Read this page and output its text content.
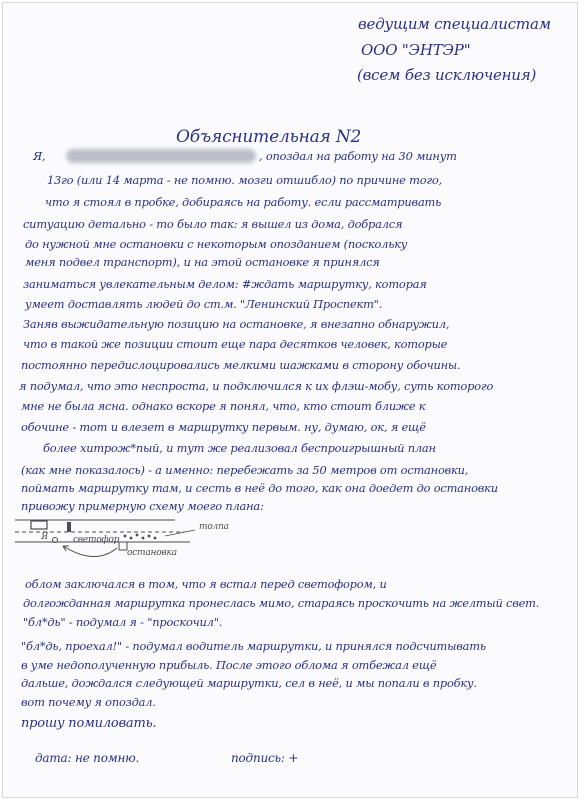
ведущим специалистам
ООО "ЭНТЭР"
(всем без исключения)
Объяснительная N2
Я,	, опоздал на работу на 30 минут
13го (или 14 марта - не помню. мозги отшибло) по причине того,
что я стоял в пробке, добираясь на работу. если рассматривать
ситуацию детально - то было так: я вышел из дома, добрался
до нужной мне остановки с некоторым опозданием (поскольку
меня подвел транспорт), и на этой остановке я принялся
заниматься увлекательным делом: #ждать маршрутку, которая
умеет доставлять людей до ст.м. "Ленинский Проспект".
Заняв выжидательную позицию на остановке, я внезапно обнаружил,
что в такой же позиции стоит еще пара десятков человек, которые
постоянно передислоцировались мелкими шажками в сторону обочины.
я подумал, что это неспроста, и подключился к их флэш-мобу, суть которого
мне не была ясна. однако вскоре я понял, что, кто стоит ближе к
обочине - тот и влезет в маршрутку первым. ну, думаю, ок, я ещё
более хитрож*пый, и тут же реализовал беспроигрышный план
(как мне показалось) - а именно: перебежать за 50 метров от остановки,
поймать маршрутку там, и сесть в неё до того, как она доедет до остановки
привожу примерную схему моего плана:
Я	светофор
толпа
остановка
облом заключался в том, что я встал перед светофором, и
долгожданная маршрутка пронеслась мимо, стараясь проскочить на желтый свет.
"бл*дь" - подумал я - "проскочил".
"бл*дь, проехал!" - подумал водитель маршрутки, и принялся подсчитывать
в уме недополученную прибыль. После этого облома я отбежал ещё
дальше, дождался следующей маршрутки, сел в неё, и мы попали в пробку.
вот почему я опоздал.
прошу помиловать.
дата: не помню.	подпись: +
